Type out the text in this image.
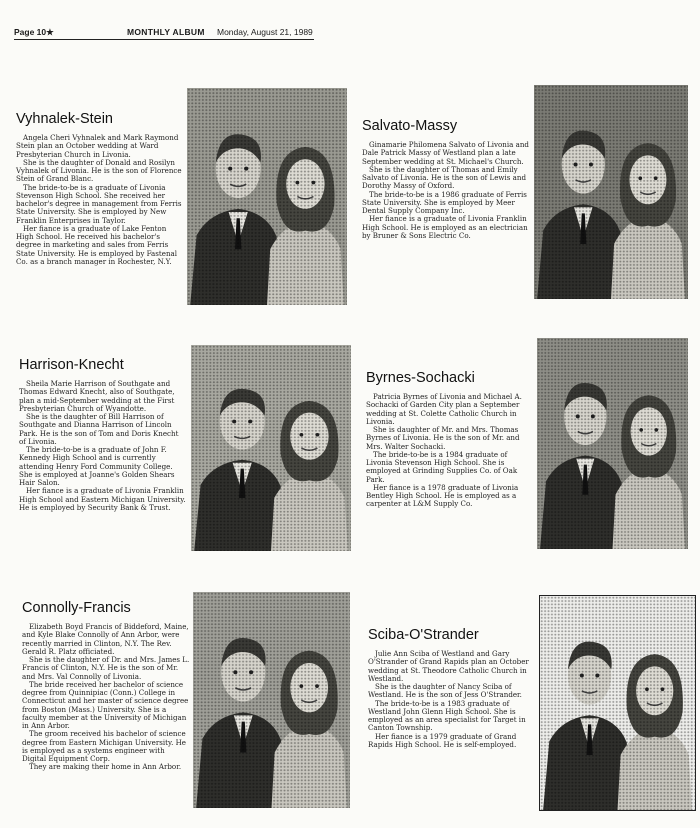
Page 10★	MONTHLY ALBUM Monday, August 21, 1989
Vyhnalek-Stein

Angela Cheri Vyhnalek and Mark Raymond Stein plan an October wedding at Ward Presbyterian Church in Livonia.

She is the daughter of Donald and Rosilyn Vyhnalek of Livonia. He is the son of Florence Stein of Grand Blanc.

The bride-to-be is a graduate of Livonia Stevenson High School. She received her bachelor's degree in management from Ferris State University. She is employed by New Franklin Enterprises in Taylor.

Her fiance is a graduate of Lake Fenton High School. He received his bachelor's degree in marketing and sales from Ferris State University. He is employed by Fastenal Co. as a branch manager in Rochester, N.Y.

Salvato-Massy

Ginamarie Philomena Salvato of Livonia and Dale Patrick Massy of Westland plan a late September wedding at St. Michael's Church.

She is the daughter of Thomas and Emily Salvato of Livonia. He is the son of Lewis and Dorothy Massy of Oxford.

The bride-to-be is a 1986 graduate of Ferris State University. She is employed by Meer Dental Supply Company Inc.

Her fiance is a graduate of Livonia Franklin High School. He is employed as an electrician by Bruner & Sons Electric Co.

Harrison-Knecht

Sheila Marie Harrison of Southgate and Thomas Edward Knecht, also of Southgate, plan a mid-September wedding at the First Presbyterian Church of Wyandotte.

She is the daughter of Bill Harrison of Southgate and Dianna Harrison of Lincoln Park. He is the son of Tom and Doris Knecht of Livonia.

The bride-to-be is a graduate of John F. Kennedy High School and is currently attending Henry Ford Community College. She is employed at Joanne's Golden Shears Hair Salon.

Her fiance is a graduate of Livonia Franklin High School and Eastern Michigan University. He is employed by Security Bank & Trust.

Byrnes-Sochacki

Patricia Byrnes of Livonia and Michael A. Sochacki of Garden City plan a September wedding at St. Colette Catholic Church in Livonia.

She is daughter of Mr. and Mrs. Thomas Byrnes of Livonia. He is the son of Mr. and Mrs. Walter Sochacki.

The bride-to-be is a 1984 graduate of Livonia Stevenson High School. She is employed at Grinding Supplies Co. of Oak Park.

Her fiance is a 1978 graduate of Livonia Bentley High School. He is employed as a carpenter at L&M Supply Co.

Connolly-Francis

Elizabeth Boyd Francis of Biddeford, Maine, and Kyle Blake Connolly of Ann Arbor, were recently married in Clinton, N.Y. The Rev. Gerald R. Platz officiated.

She is the daughter of Dr. and Mrs. James L. Francis of Clinton, N.Y. He is the son of Mr. and Mrs. Val Connolly of Livonia.

The bride received her bachelor of science degree from Quinnipiac (Conn.) College in Connecticut and her master of science degree from Boston (Mass.) University. She is a faculty member at the University of Michigan in Ann Arbor.

The groom received his bachelor of science degree from Eastern Michigan University. He is employed as a systems engineer with Digital Equipment Corp.

They are making their home in Ann Arbor.

Sciba-O'Strander

Julie Ann Sciba of Westland and Gary O'Strander of Grand Rapids plan an October wedding at St. Theodore Catholic Church in Westland.

She is the daughter of Nancy Sciba of Westland. He is the son of Jess O'Strander.

The bride-to-be is a 1983 graduate of Westland John Glenn High School. She is employed as an area specialist for Target in Canton Township.

Her fiance is a 1979 graduate of Grand Rapids High School. He is self-employed.
